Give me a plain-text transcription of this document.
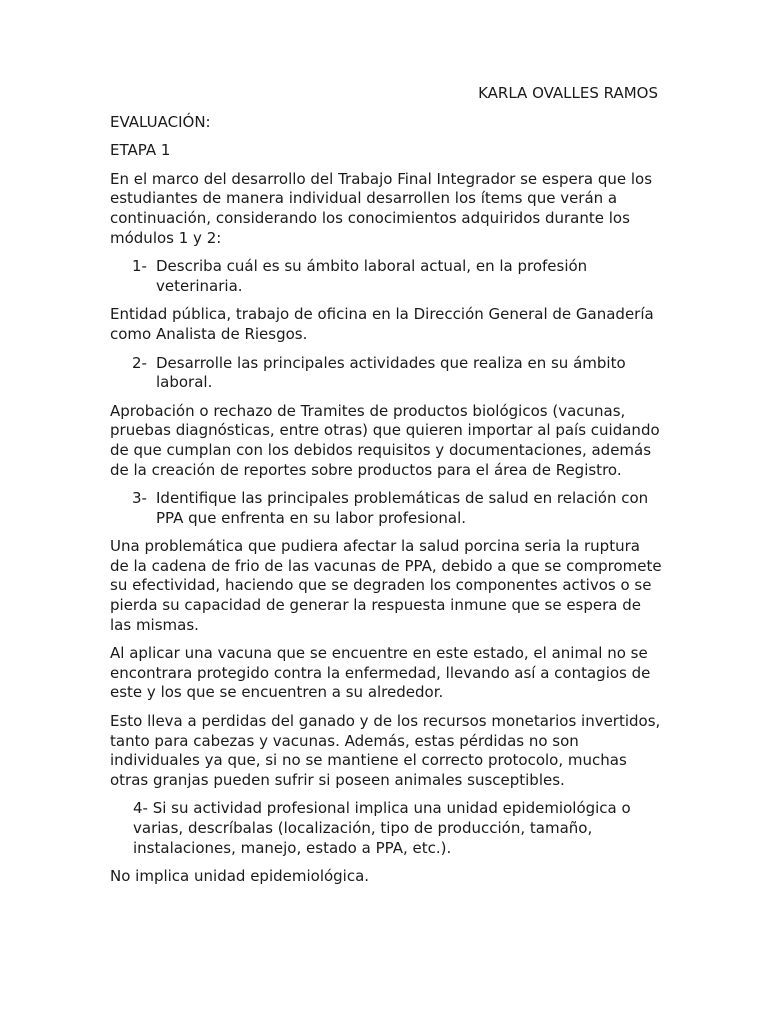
KARLA OVALLES RAMOS

EVALUACIÓN:

ETAPA 1

En el marco del desarrollo del Trabajo Final Integrador se espera que los estudiantes de manera individual desarrollen los ítems que verán a continuación, considerando los conocimientos adquiridos durante los módulos 1 y 2:

1- Describa cuál es su ámbito laboral actual, en la profesión veterinaria.

Entidad pública, trabajo de oficina en la Dirección General de Ganadería como Analista de Riesgos.

2- Desarrolle las principales actividades que realiza en su ámbito laboral.

Aprobación o rechazo de Tramites de productos biológicos (vacunas, pruebas diagnósticas, entre otras) que quieren importar al país cuidando de que cumplan con los debidos requisitos y documentaciones, además de la creación de reportes sobre productos para el área de Registro.

3- Identifique las principales problemáticas de salud en relación con PPA que enfrenta en su labor profesional.

Una problemática que pudiera afectar la salud porcina seria la ruptura de la cadena de frio de las vacunas de PPA, debido a que se compromete su efectividad, haciendo que se degraden los componentes activos o se pierda su capacidad de generar la respuesta inmune que se espera de las mismas.

Al aplicar una vacuna que se encuentre en este estado, el animal no se encontrara protegido contra la enfermedad, llevando así a contagios de este y los que se encuentren a su alrededor.

Esto lleva a perdidas del ganado y de los recursos monetarios invertidos, tanto para cabezas y vacunas. Además, estas pérdidas no son individuales ya que, si no se mantiene el correcto protocolo, muchas otras granjas pueden sufrir si poseen animales susceptibles.

4- Si su actividad profesional implica una unidad epidemiológica o varias, descríbalas (localización, tipo de producción, tamaño, instalaciones, manejo, estado a PPA, etc.).

No implica unidad epidemiológica.
